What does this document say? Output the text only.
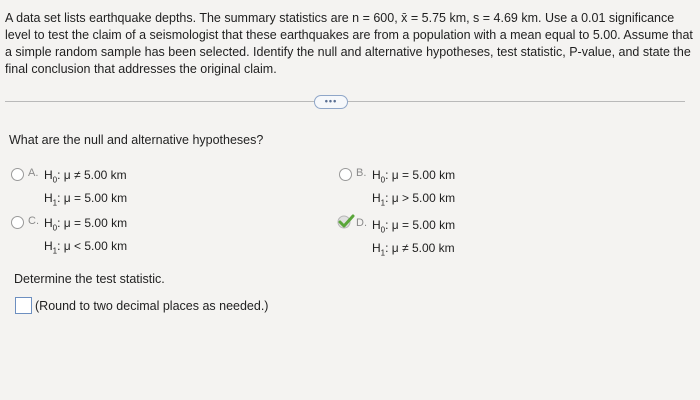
A data set lists earthquake depths. The summary statistics are n = 600, x̄ = 5.75 km, s = 4.69 km. Use a 0.01 significance level to test the claim of a seismologist that these earthquakes are from a population with a mean equal to 5.00. Assume that a simple random sample has been selected. Identify the null and alternative hypotheses, test statistic, P-value, and state the final conclusion that addresses the original claim.
•••
What are the null and alternative hypotheses?
A. $H_0$: μ ≠ 5.00 km
$H_1$: μ = 5.00 km
B. $H_0$: μ = 5.00 km
$H_1$: μ > 5.00 km
C. $H_0$: μ = 5.00 km
$H_1$: μ < 5.00 km
D. $H_0$: μ = 5.00 km
$H_1$: μ ≠ 5.00 km
Determine the test statistic.
(Round to two decimal places as needed.)
